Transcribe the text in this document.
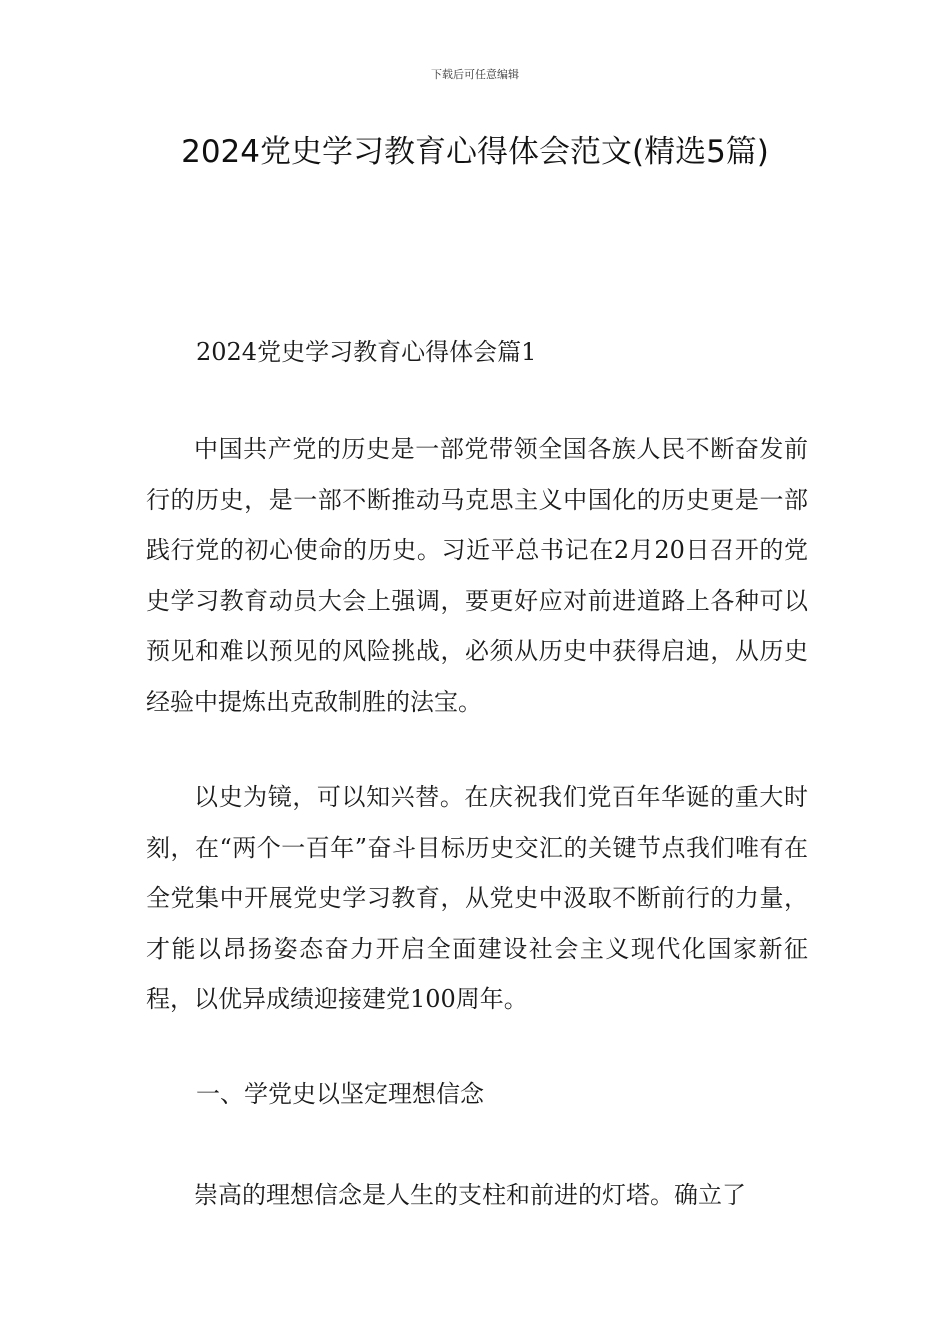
下载后可任意编辑
2024党史学习教育心得体会范文(精选5篇)
2024党史学习教育心得体会篇1

中国共产党的历史是一部党带领全国各族人民不断奋发前行的历史，是一部不断推动马克思主义中国化的历史更是一部践行党的初心使命的历史。习近平总书记在2月20日召开的党史学习教育动员大会上强调，要更好应对前进道路上各种可以预见和难以预见的风险挑战，必须从历史中获得启迪，从历史经验中提炼出克敌制胜的法宝。

以史为镜，可以知兴替。在庆祝我们党百年华诞的重大时刻，在“两个一百年”奋斗目标历史交汇的关键节点我们唯有在全党集中开展党史学习教育，从党史中汲取不断前行的力量，才能以昂扬姿态奋力开启全面建设社会主义现代化国家新征程，以优异成绩迎接建党100周年。

一、学党史以坚定理想信念

崇高的理想信念是人生的支柱和前进的灯塔。确立了
